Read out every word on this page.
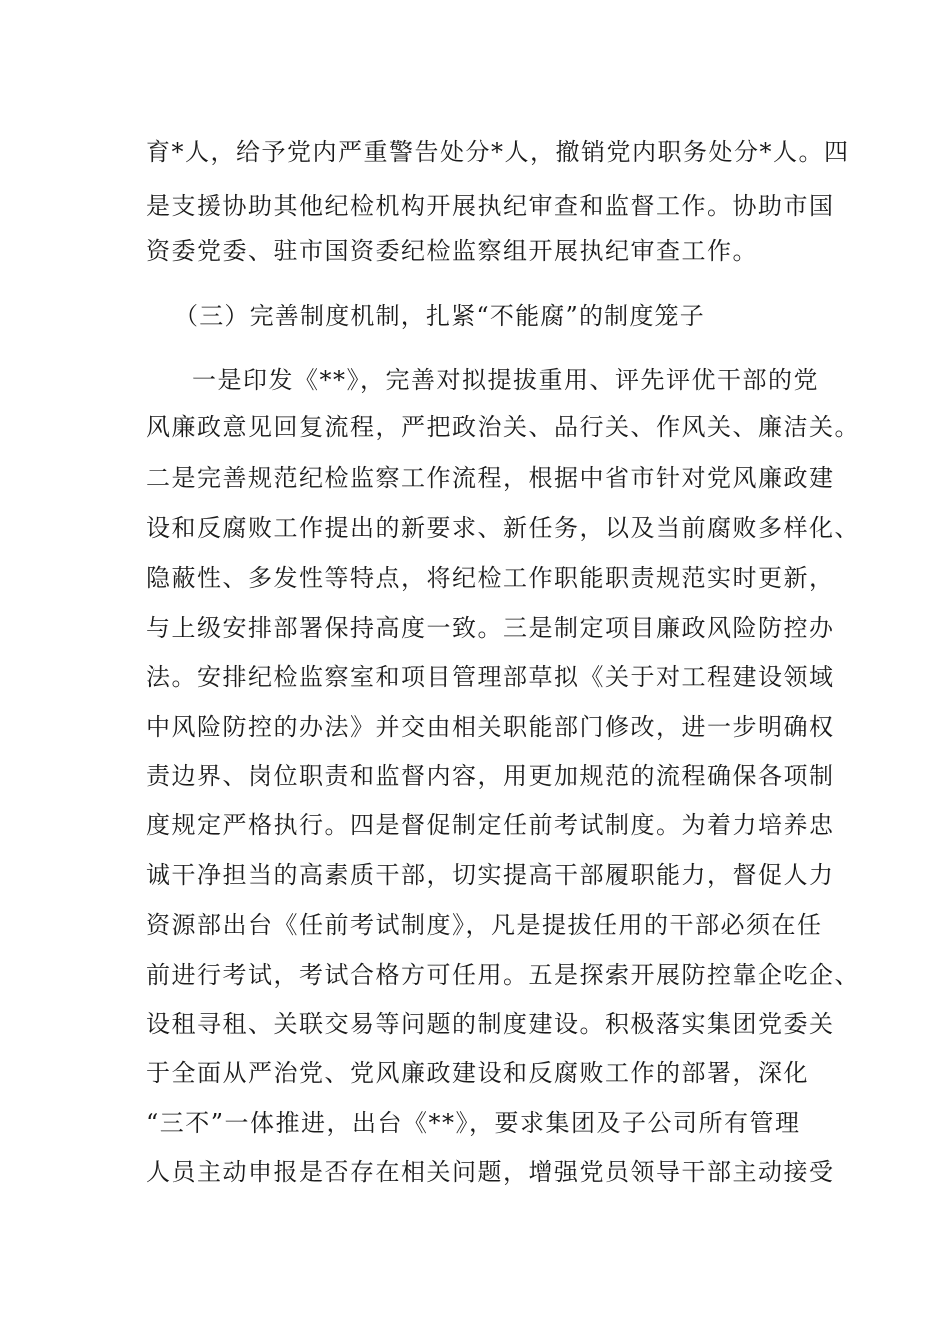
育*人，给予党内严重警告处分*人，撤销党内职务处分*人。四
是支援协助其他纪检机构开展执纪审查和监督工作。协助市国
资委党委、驻市国资委纪检监察组开展执纪审查工作。
（三）完善制度机制，扎紧“不能腐”的制度笼子
一是印发《**》，完善对拟提拔重用、评先评优干部的党
风廉政意见回复流程，严把政治关、品行关、作风关、廉洁关。
二是完善规范纪检监察工作流程，根据中省市针对党风廉政建
设和反腐败工作提出的新要求、新任务，以及当前腐败多样化、
隐蔽性、多发性等特点，将纪检工作职能职责规范实时更新，
与上级安排部署保持高度一致。三是制定项目廉政风险防控办
法。安排纪检监察室和项目管理部草拟《关于对工程建设领域
中风险防控的办法》并交由相关职能部门修改，进一步明确权
责边界、岗位职责和监督内容，用更加规范的流程确保各项制
度规定严格执行。四是督促制定任前考试制度。为着力培养忠
诚干净担当的高素质干部，切实提高干部履职能力，督促人力
资源部出台《任前考试制度》，凡是提拔任用的干部必须在任
前进行考试，考试合格方可任用。五是探索开展防控靠企吃企、
设租寻租、关联交易等问题的制度建设。积极落实集团党委关
于全面从严治党、党风廉政建设和反腐败工作的部署，深化
“三不”一体推进，出台《**》，要求集团及子公司所有管理
人员主动申报是否存在相关问题，增强党员领导干部主动接受
